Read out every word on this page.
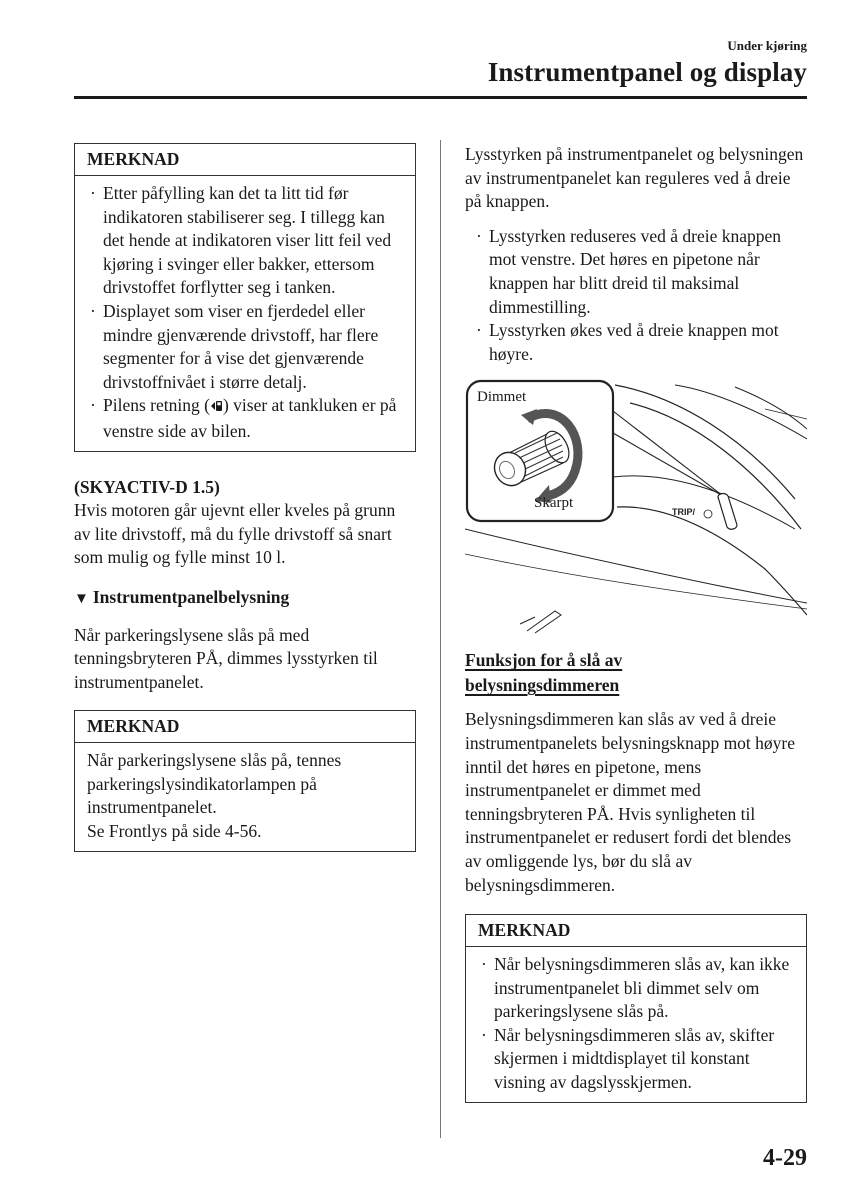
Under kjøring
Instrumentpanel og display
MERKNAD
· Etter påfylling kan det ta litt tid før indikatoren stabiliserer seg. I tillegg kan det hende at indikatoren viser litt feil ved kjøring i svinger eller bakker, ettersom drivstoffet forflytter seg i tanken.
· Displayet som viser en fjerdedel eller mindre gjenværende drivstoff, har flere segmenter for å vise det gjenværende drivstoffnivået i større detalj.
· Pilens retning ( ) viser at tankluken er på venstre side av bilen.
(SKYACTIV-D 1.5)

Hvis motoren går ujevnt eller kveles på grunn av lite drivstoff, må du fylle drivstoff så snart som mulig og fylle minst 10 l.

▼ Instrumentpanelbelysning

Når parkeringslysene slås på med tenningsbryteren PÅ, dimmes lysstyrken til instrumentpanelet.

MERKNAD
Når parkeringslysene slås på, tennes parkeringslysindikatorlampen på instrumentpanelet.
Se Frontlys på side 4-56.

Lysstyrken på instrumentpanelet og belysningen av instrumentpanelet kan reguleres ved å dreie på knappen.

· Lysstyrken reduseres ved å dreie knappen mot venstre. Det høres en pipetone når knappen har blitt dreid til maksimal dimmestilling.
· Lysstyrken økes ved å dreie knappen mot høyre.
TRIP/
Dimmet
Skarpt
Funksjon for å slå av
belysningsdimmeren

Belysningsdimmeren kan slås av ved å dreie instrumentpanelets belysningsknapp mot høyre inntil det høres en pipetone, mens instrumentpanelet er dimmet med tenningsbryteren PÅ. Hvis synligheten til instrumentpanelet er redusert fordi det blendes av omliggende lys, bør du slå av belysningsdimmeren.

MERKNAD
· Når belysningsdimmeren slås av, kan ikke instrumentpanelet bli dimmet selv om parkeringslysene slås på.
· Når belysningsdimmeren slås av, skifter skjermen i midtdisplayet til konstant visning av dagslysskjermen.
4-29
